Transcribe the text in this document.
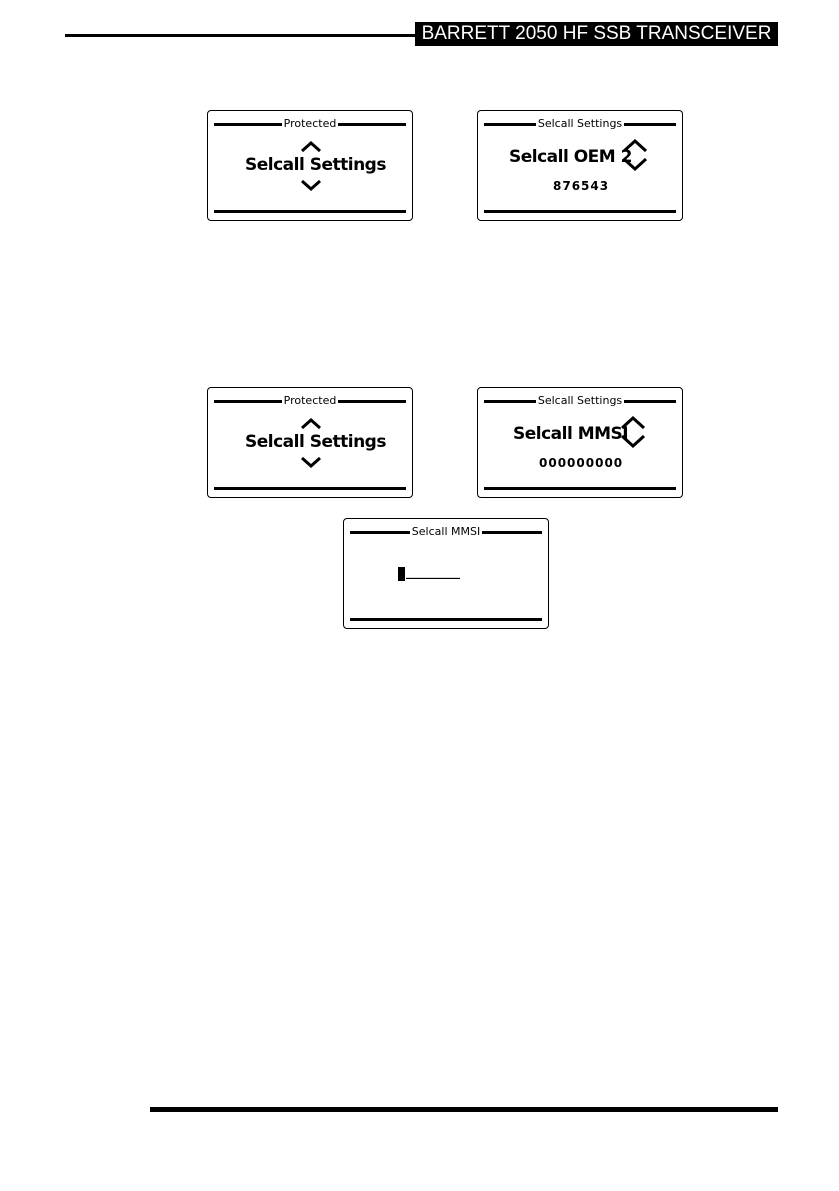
BARRETT 2050 HF SSB TRANSCEIVER
Protected
Selcall Settings
Selcall Settings
Selcall OEM 2
876543
Protected
Selcall Settings
Selcall Settings
Selcall MMSI
000000000
Selcall MMSI
_________
